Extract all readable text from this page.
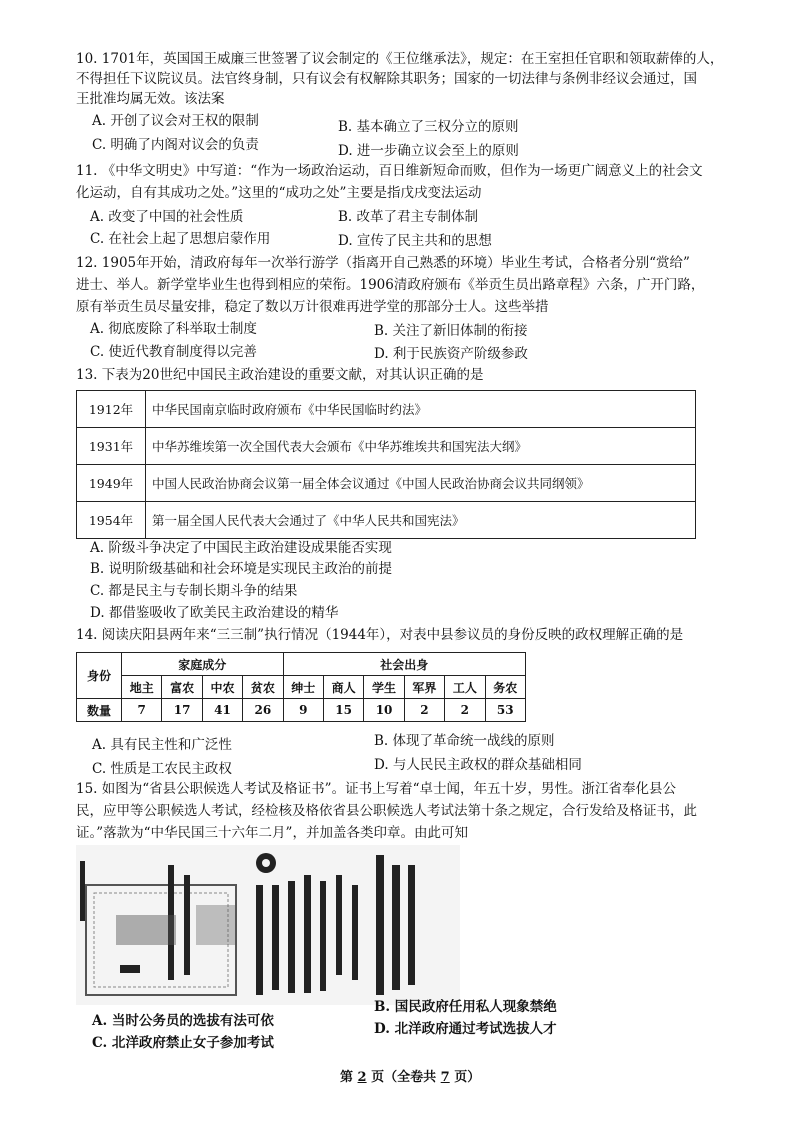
10. 1701年，英国国王威廉三世签署了议会制定的《王位继承法》，规定：在王室担任官职和领取薪俸的人，
不得担任下议院议员。法官终身制，只有议会有权解除其职务；国家的一切法律与条例非经议会通过，国
王批准均属无效。该法案
A. 开创了议会对王权的限制	B. 基本确立了三权分立的原则
C. 明确了内阁对议会的负责	D. 进一步确立议会至上的原则
11. 《中华文明史》中写道：“作为一场政治运动，百日维新短命而败，但作为一场更广阔意义上的社会文
化运动，自有其成功之处。”这里的“成功之处”主要是指戊戌变法运动
A. 改变了中国的社会性质	B. 改革了君主专制体制
C. 在社会上起了思想启蒙作用	D. 宣传了民主共和的思想
12. 1905年开始，清政府每年一次举行游学（指离开自己熟悉的环境）毕业生考试，合格者分别“赏给”
进士、举人。新学堂毕业生也得到相应的荣衔。1906清政府颁布《举贡生员出路章程》六条，广开门路，
原有举贡生员尽量安排，稳定了数以万计很难再进学堂的那部分士人。这些举措
A. 彻底废除了科举取士制度	B. 关注了新旧体制的衔接
C. 使近代教育制度得以完善	D. 利于民族资产阶级参政
13. 下表为20世纪中国民主政治建设的重要文献，对其认识正确的是
1912年	中华民国南京临时政府颁布《中华民国临时约法》
1931年	中华苏维埃第一次全国代表大会颁布《中华苏维埃共和国宪法大纲》
1949年	中国人民政治协商会议第一届全体会议通过《中国人民政治协商会议共同纲领》
1954年	第一届全国人民代表大会通过了《中华人民共和国宪法》
A. 阶级斗争决定了中国民主政治建设成果能否实现
B. 说明阶级基础和社会环境是实现民主政治的前提
C. 都是民主与专制长期斗争的结果
D. 都借鉴吸收了欧美民主政治建设的精华
14. 阅读庆阳县两年来“三三制”执行情况（1944年），对表中县参议员的身份反映的政权理解正确的是
身份	家庭成分				社会出身					
	地主	富农	中农	贫农	绅士	商人	学生	军界	工人	务农
数量	7	17	41	26	9	15	10	2	2	53
A. 具有民主性和广泛性	B. 体现了革命统一战线的原则
C. 性质是工农民主政权	D. 与人民民主政权的群众基础相同
15. 如图为“省县公职候选人考试及格证书”。证书上写着“卓士闻，年五十岁，男性。浙江省奉化县公
民，应甲等公职候选人考试，经检核及格依省县公职候选人考试法第十条之规定，合行发给及格证书，此
证。”落款为“中华民国三十六年二月”，并加盖各类印章。由此可知
A. 当时公务员的选拔有法可依
B. 国民政府任用私人现象禁绝
C. 北洋政府禁止女子参加考试
D. 北洋政府通过考试选拔人才
第 2 页（全卷共 7 页）
